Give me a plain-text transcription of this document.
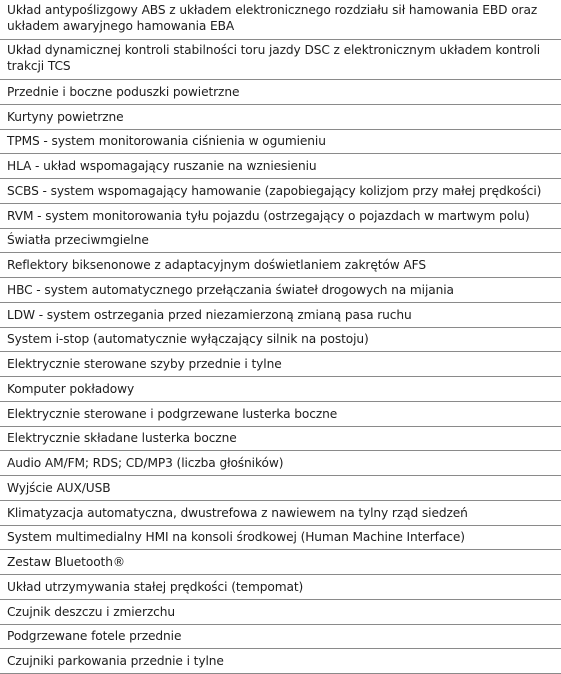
Układ antypoślizgowy ABS z układem elektronicznego rozdziału sił hamowania EBD oraz układem awaryjnego hamowania EBA
Układ dynamicznej kontroli stabilności toru jazdy DSC z elektronicznym układem kontroli trakcji TCS
Przednie i boczne poduszki powietrzne
Kurtyny powietrzne
TPMS - system monitorowania ciśnienia w ogumieniu
HLA - układ wspomagający ruszanie na wzniesieniu
SCBS - system wspomagający hamowanie (zapobiegający kolizjom przy małej prędkości)
RVM - system monitorowania tyłu pojazdu (ostrzegający o pojazdach w martwym polu)
Światła przeciwmgielne
Reflektory biksenonowe z adaptacyjnym doświetlaniem zakrętów AFS
HBC - system automatycznego przełączania świateł drogowych na mijania
LDW - system ostrzegania przed niezamierzoną zmianą pasa ruchu
System i-stop (automatycznie wyłączający silnik na postoju)
Elektrycznie sterowane szyby przednie i tylne
Komputer pokładowy
Elektrycznie sterowane i podgrzewane lusterka boczne
Elektrycznie składane lusterka boczne
Audio AM/FM; RDS; CD/MP3 (liczba głośników)
Wyjście AUX/USB
Klimatyzacja automatyczna, dwustrefowa z nawiewem na tylny rząd siedzeń
System multimedialny HMI na konsoli środkowej (Human Machine Interface)
Zestaw Bluetooth®
Układ utrzymywania stałej prędkości (tempomat)
Czujnik deszczu i zmierzchu
Podgrzewane fotele przednie
Czujniki parkowania przednie i tylne
